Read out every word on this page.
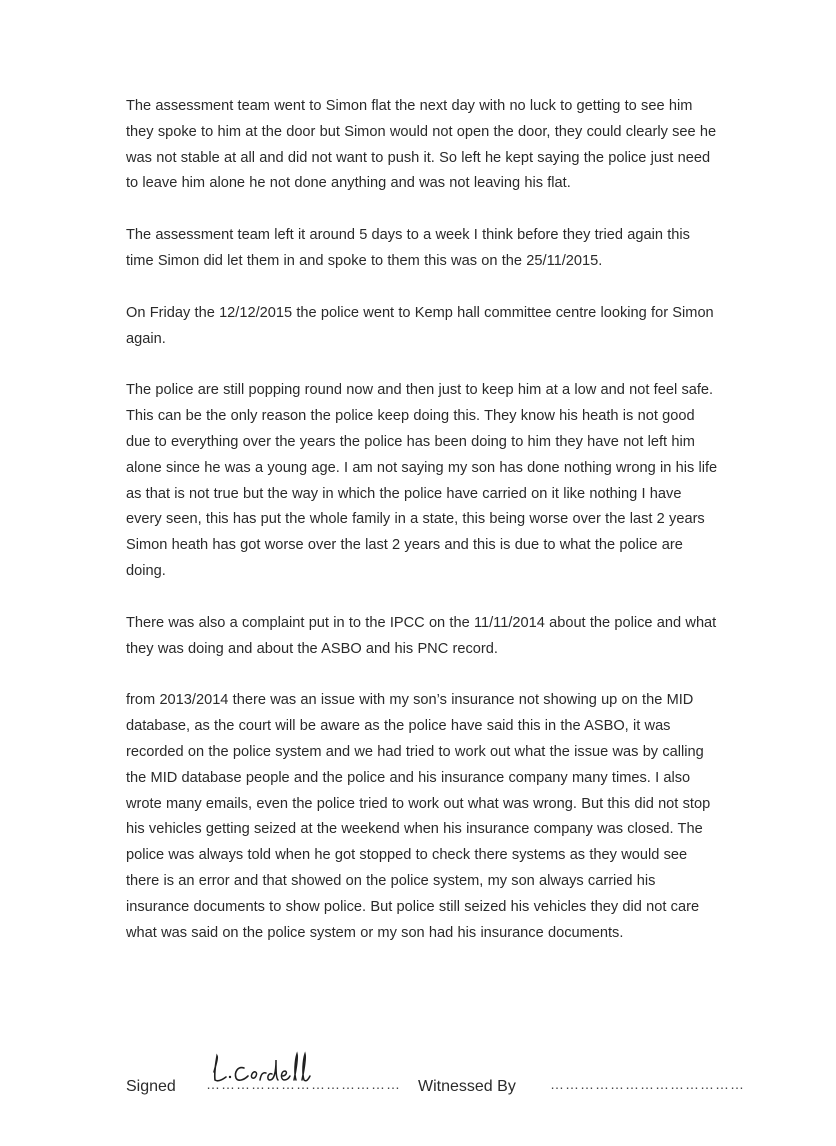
The assessment team went to Simon flat the next day with no luck to getting to see him they spoke to him at the door but Simon would not open the door, they could clearly see he was not stable at all and did not want to push it. So left he kept saying the police just need to leave him alone he not done anything and was not leaving his flat.

The assessment team left it around 5 days to a week I think before they tried again this time Simon did let them in and spoke to them this was on the 25/11/2015.

On Friday the 12/12/2015 the police went to Kemp hall committee centre looking for Simon again.

The police are still popping round now and then just to keep him at a low and not feel safe. This can be the only reason the police keep doing this. They know his heath is not good due to everything over the years the police has been doing to him they have not left him alone since he was a young age. I am not saying my son has done nothing wrong in his life as that is not true but the way in which the police have carried on it like nothing I have every seen, this has put the whole family in a state, this being worse over the last 2 years Simon heath has got worse over the last 2 years and this is due to what the police are doing.

There was also a complaint put in to the IPCC on the 11/11/2014 about the police and what they was doing and about the ASBO and his PNC record.

from 2013/2014 there was an issue with my son’s insurance not showing up on the MID database, as the court will be aware as the police have said this in the ASBO, it was recorded on the police system and we had tried to work out what the issue was by calling the MID database people and the police and his insurance company many times. I also wrote many emails, even the police tried to work out what was wrong. But this did not stop his vehicles getting seized at the weekend when his insurance company was closed. The police was always told when he got stopped to check there systems as they would see there is an error and that showed on the police system, my son always carried his insurance documents to show police. But police still seized his vehicles they did not care what was said on the police system or my son had his insurance documents.

Signed ………………………………… Witnessed By …………………………………
